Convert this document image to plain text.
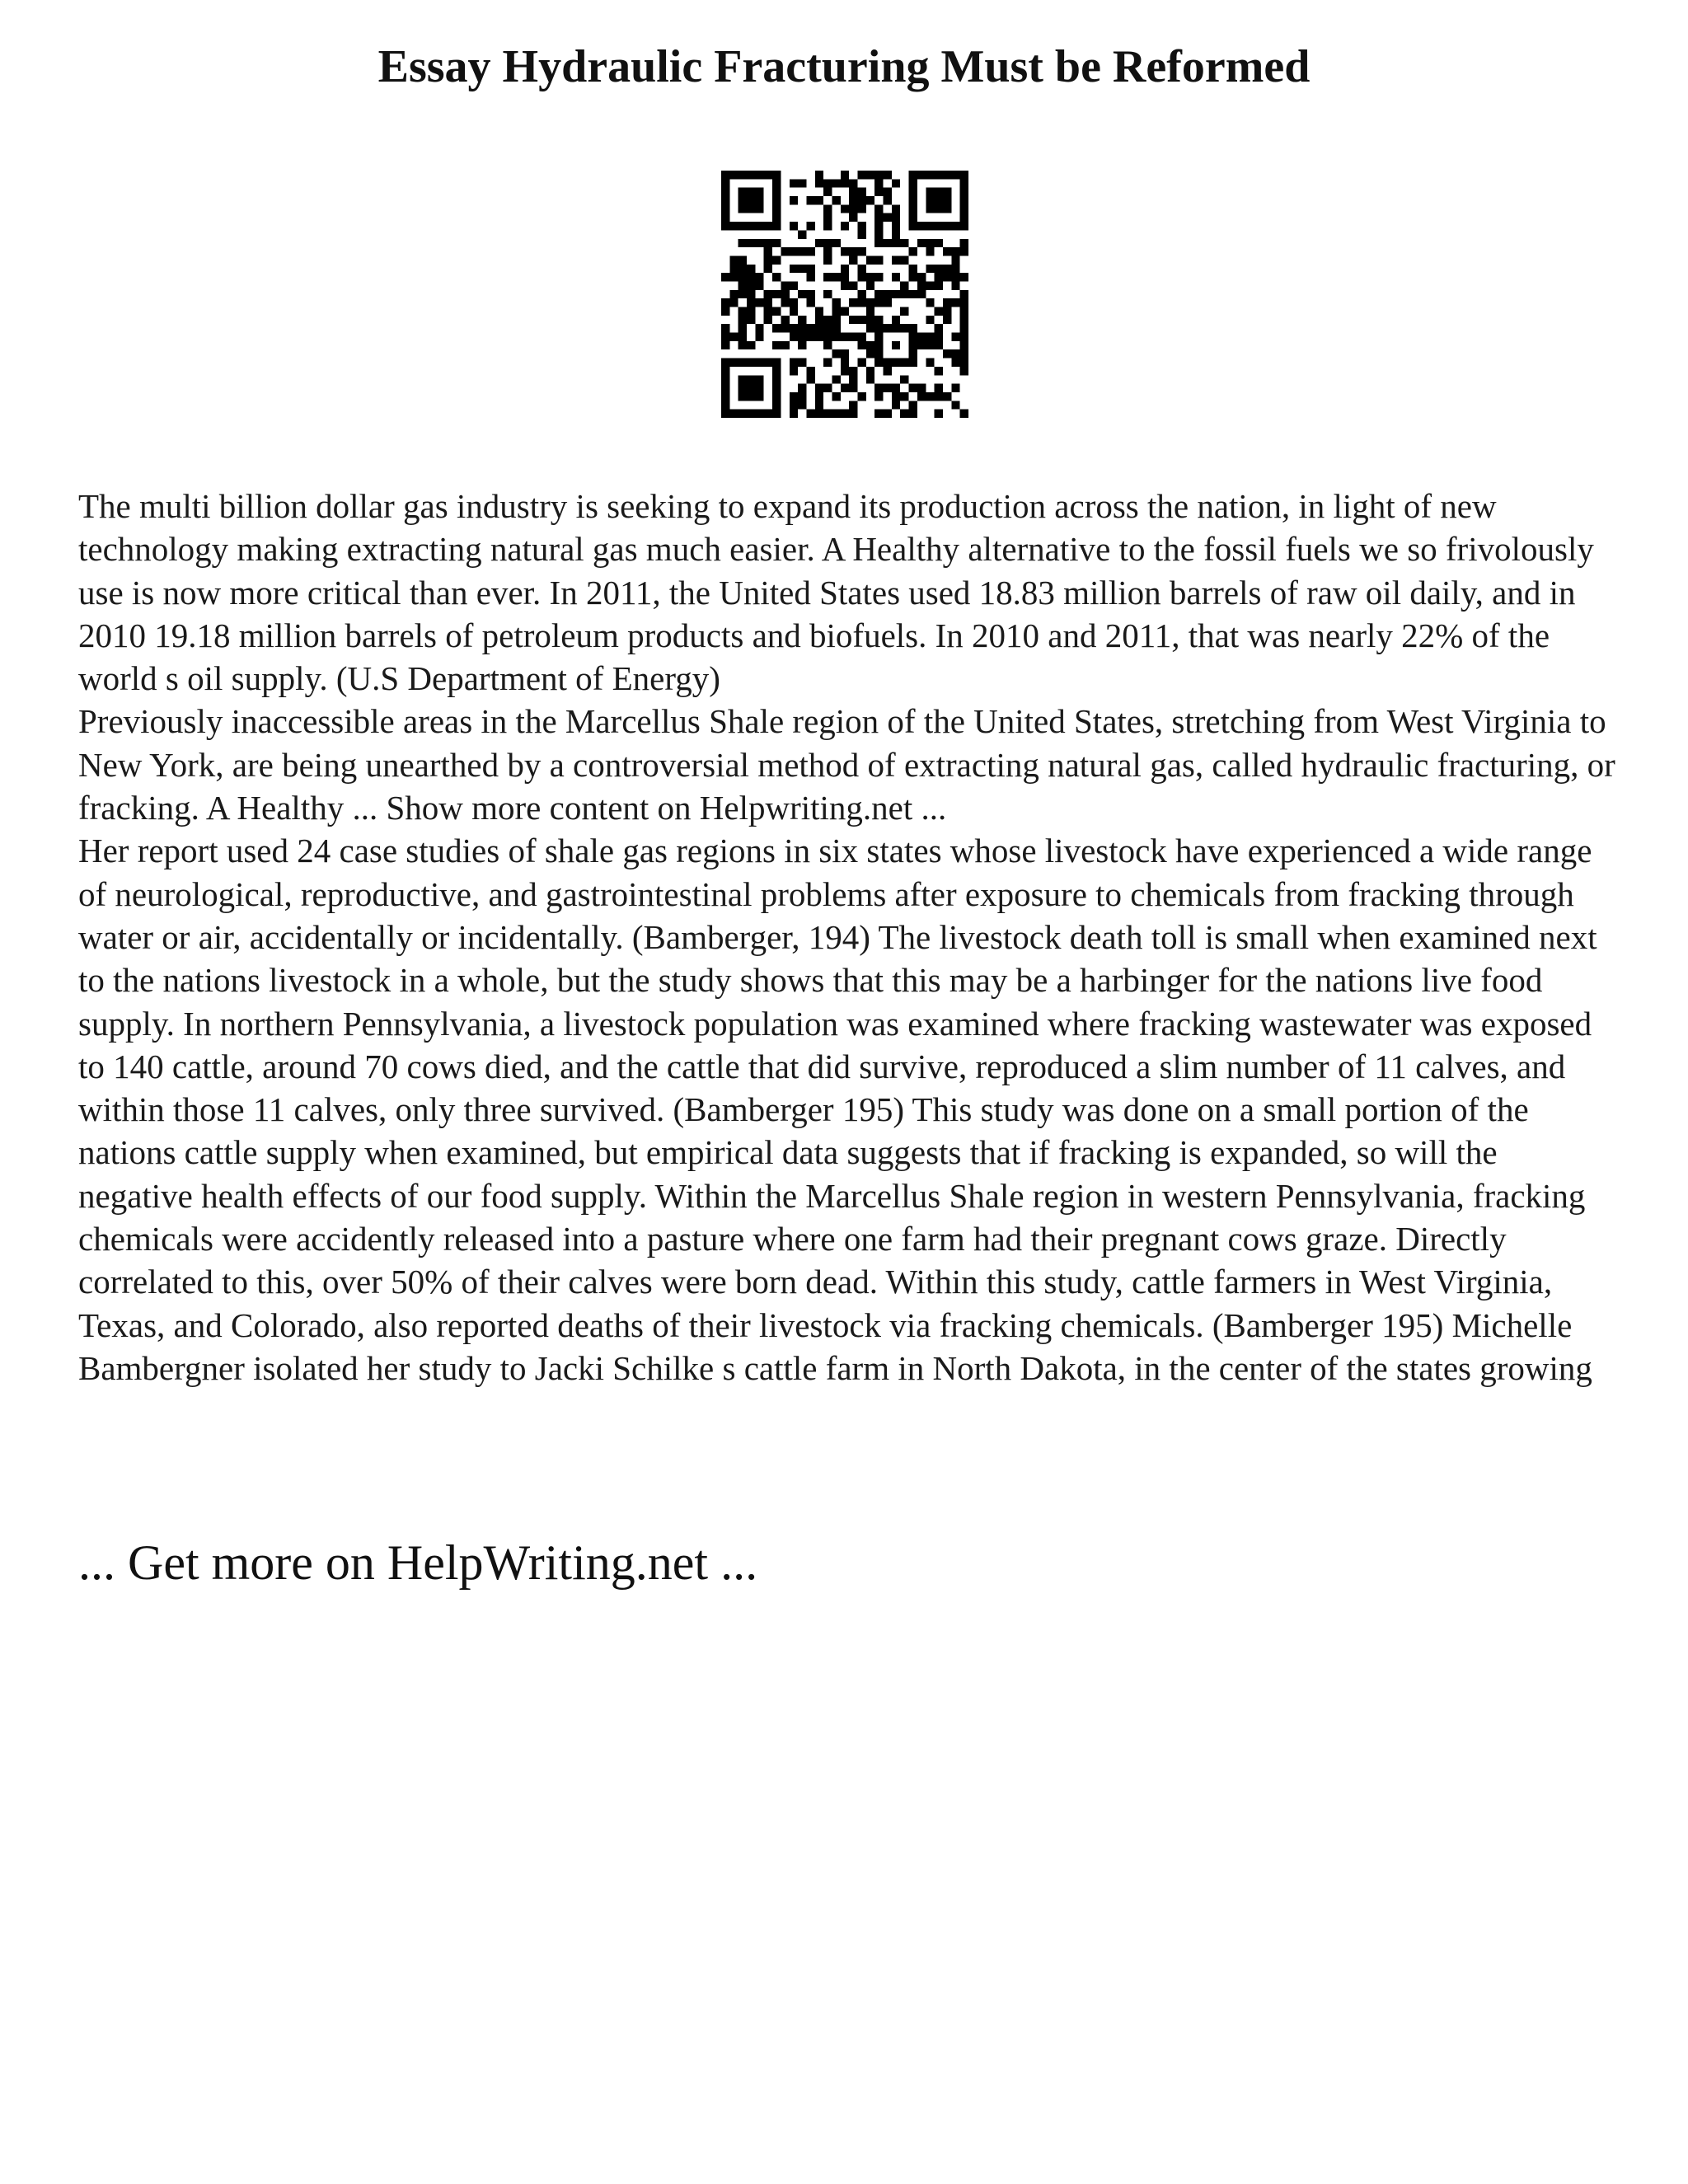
Essay Hydraulic Fracturing Must be Reformed

The multi billion dollar gas industry is seeking to expand its production across the nation, in light of new technology making extracting natural gas much easier. A Healthy alternative to the fossil fuels we so frivolously use is now more critical than ever. In 2011, the United States used 18.83 million barrels of raw oil daily, and in 2010 19.18 million barrels of petroleum products and biofuels. In 2010 and 2011, that was nearly 22% of the world s oil supply. (U.S Department of Energy)

Previously inaccessible areas in the Marcellus Shale region of the United States, stretching from West Virginia to New York, are being unearthed by a controversial method of extracting natural gas, called hydraulic fracturing, or fracking. A Healthy ... Show more content on Helpwriting.net ...

Her report used 24 case studies of shale gas regions in six states whose livestock have experienced a wide range of neurological, reproductive, and gastrointestinal problems after exposure to chemicals from fracking through water or air, accidentally or incidentally. (Bamberger, 194) The livestock death toll is small when examined next to the nations livestock in a whole, but the study shows that this may be a harbinger for the nations live food supply. In northern Pennsylvania, a livestock population was examined where fracking wastewater was exposed to 140 cattle, around 70 cows died, and the cattle that did survive, reproduced a slim number of 11 calves, and within those 11 calves, only three survived. (Bamberger 195) This study was done on a small portion of the nations cattle supply when examined, but empirical data suggests that if fracking is expanded, so will the negative health effects of our food supply. Within the Marcellus Shale region in western Pennsylvania, fracking chemicals were accidently released into a pasture where one farm had their pregnant cows graze. Directly correlated to this, over 50% of their calves were born dead. Within this study, cattle farmers in West Virginia, Texas, and Colorado, also reported deaths of their livestock via fracking chemicals. (Bamberger 195) Michelle Bambergner isolated her study to Jacki Schilke s cattle farm in North Dakota, in the center of the states growing

... Get more on HelpWriting.net ...
